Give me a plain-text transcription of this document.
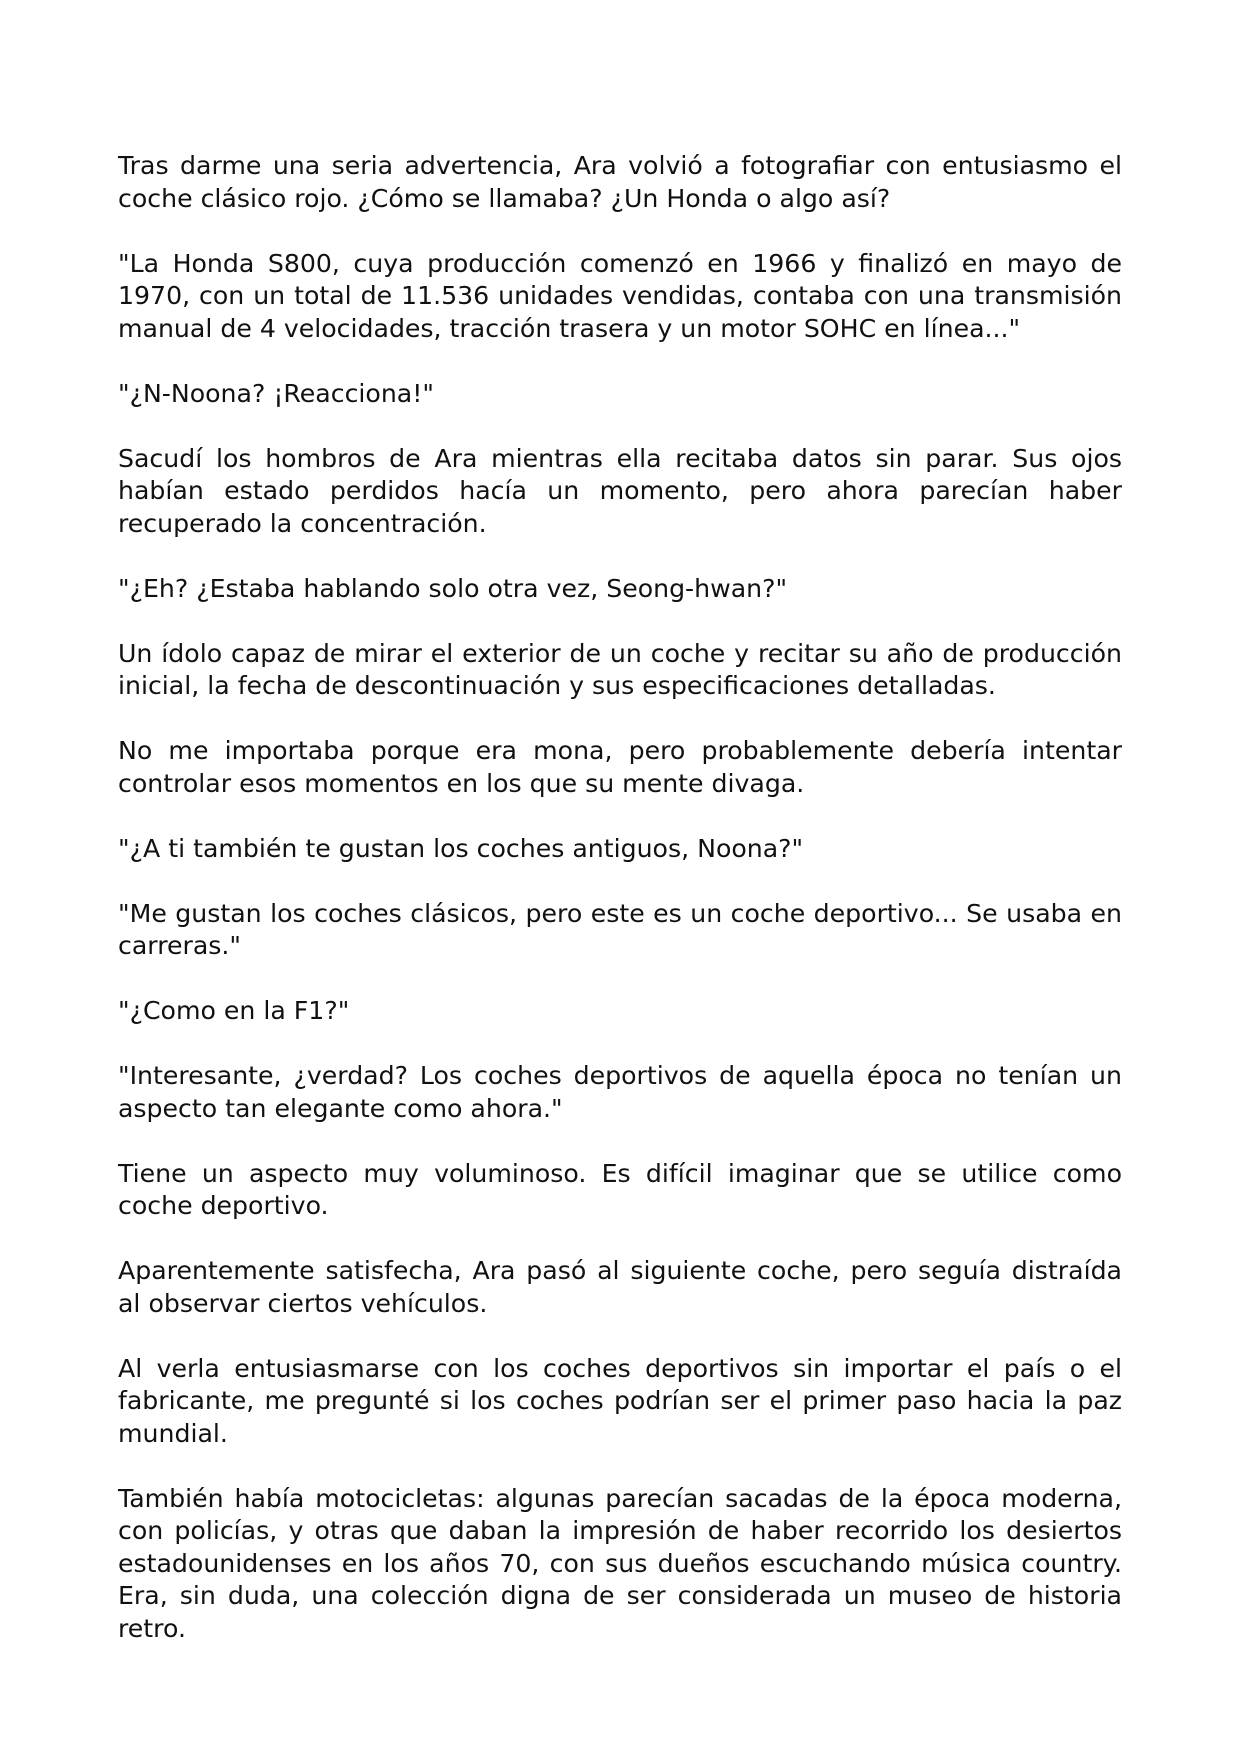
Tras darme una seria advertencia, Ara volvió a fotografiar con entusiasmo el coche clásico rojo. ¿Cómo se llamaba? ¿Un Honda o algo así?

"La Honda S800, cuya producción comenzó en 1966 y finalizó en mayo de 1970, con un total de 11.536 unidades vendidas, contaba con una transmisión manual de 4 velocidades, tracción trasera y un motor SOHC en línea..."

"¿N-Noona? ¡Reacciona!"

Sacudí los hombros de Ara mientras ella recitaba datos sin parar. Sus ojos habían estado perdidos hacía un momento, pero ahora parecían haber recuperado la concentración.

"¿Eh? ¿Estaba hablando solo otra vez, Seong-hwan?"

Un ídolo capaz de mirar el exterior de un coche y recitar su año de producción inicial, la fecha de descontinuación y sus especificaciones detalladas.

No me importaba porque era mona, pero probablemente debería intentar controlar esos momentos en los que su mente divaga.

"¿A ti también te gustan los coches antiguos, Noona?"

"Me gustan los coches clásicos, pero este es un coche deportivo... Se usaba en carreras."

"¿Como en la F1?"

"Interesante, ¿verdad? Los coches deportivos de aquella época no tenían un aspecto tan elegante como ahora."

Tiene un aspecto muy voluminoso. Es difícil imaginar que se utilice como coche deportivo.

Aparentemente satisfecha, Ara pasó al siguiente coche, pero seguía distraída al observar ciertos vehículos.

Al verla entusiasmarse con los coches deportivos sin importar el país o el fabricante, me pregunté si los coches podrían ser el primer paso hacia la paz mundial.

También había motocicletas: algunas parecían sacadas de la época moderna, con policías, y otras que daban la impresión de haber recorrido los desiertos estadounidenses en los años 70, con sus dueños escuchando música country. Era, sin duda, una colección digna de ser considerada un museo de historia retro.
